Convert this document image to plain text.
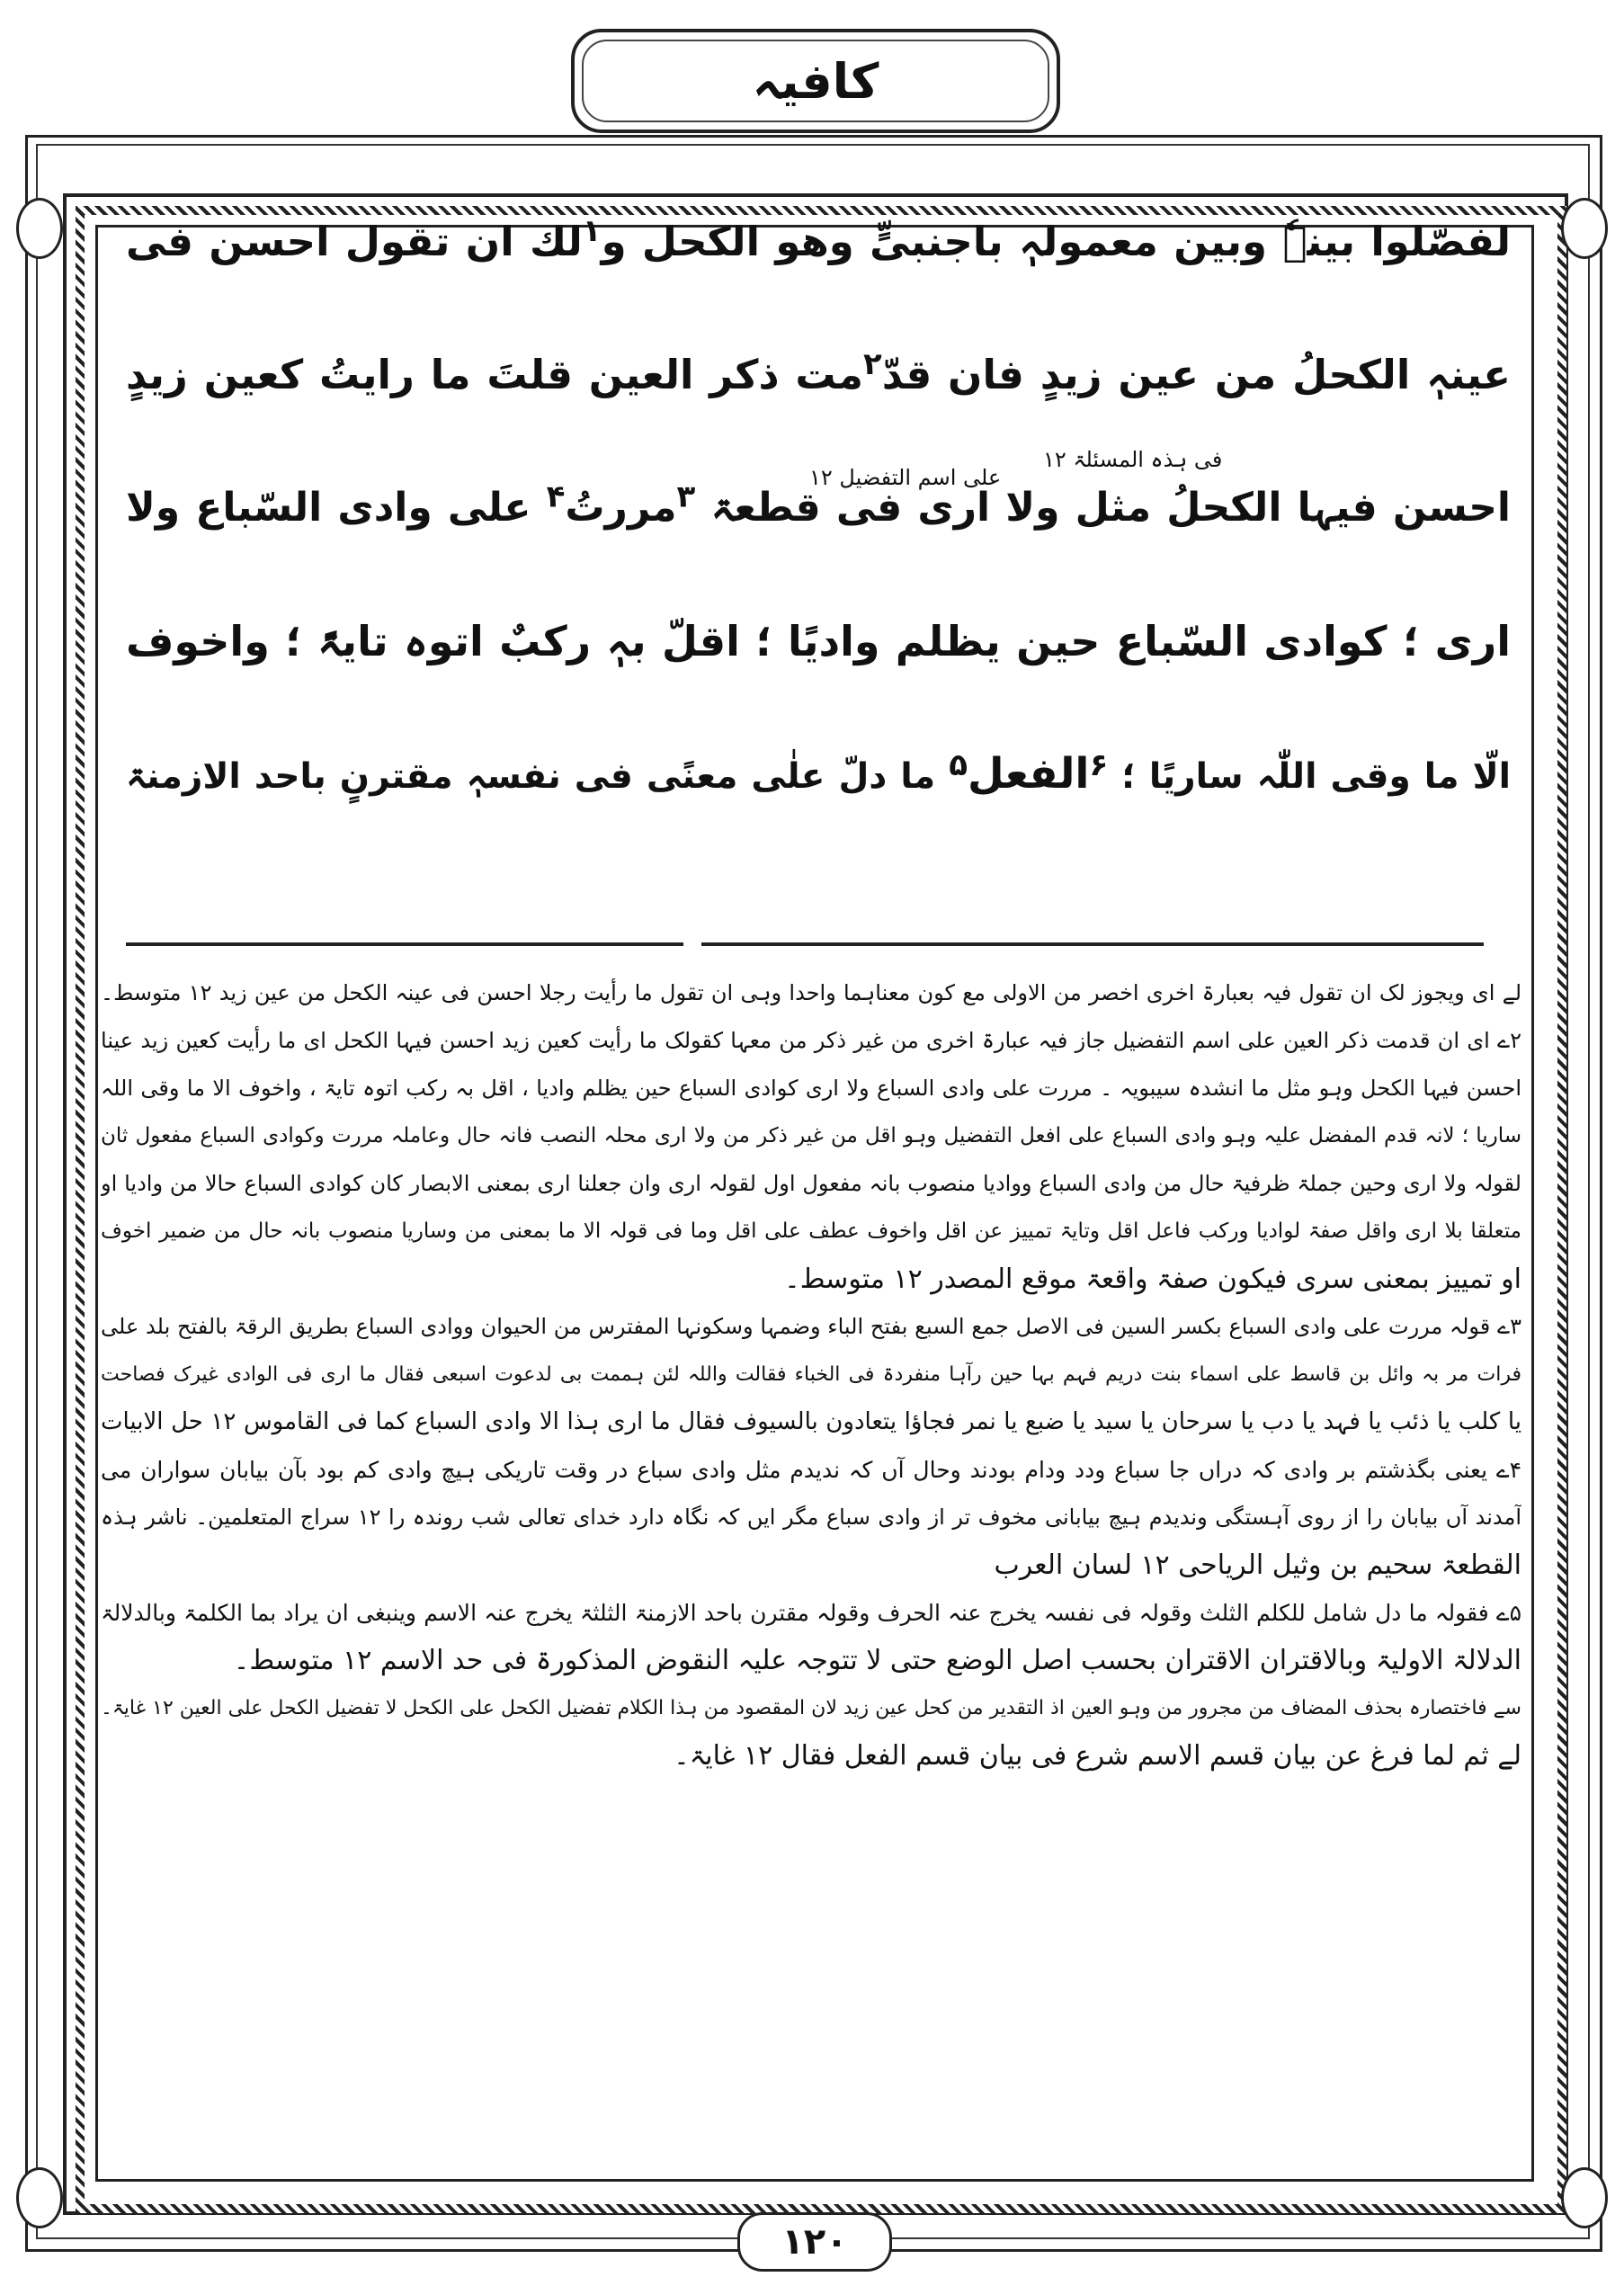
کافیہ
لفصّلوا بینہٗ وبین معمولہٖ باجنبیٍّ وھو الکحل و$^۱$لك ان تقول احسن فی
عینہٖ الکحلُ من عین زیدٍ فان قدّ$^۲$مت ذکر العین قلتَ ما رایتُ کعین زیدٍ
احسن فیہا الکحلُ مثل ولا اری فی قطعۃ $^۳$مررتُ$^۴$ علی وادی السّباع ولا
اری ؛ کوادی السّباع حین یظلم وادیًا ؛ اقلّ بہٖ رکبٌ اتوہ تایۃً ؛ واخوف
الّا ما وقی اللّٰہ ساریًا ؛ $^۶$الفعل$^۵$ ما دلّ علٰی معنًی فی نفسہٖ مقترنٍ باحد الازمنۃ
فی ہذہ المسئلۃ ۱۲
علی اسم التفضیل ۱۲
لے ای ویجوز لک ان تقول فیہ بعبارۃ اخری اخصر من الاولی مع کون معناہما واحدا وہی ان تقول ما رأیت رجلا احسن فی عینہ الکحل من عین زید ۱۲ متوسط۔
۲ے ای ان قدمت ذکر العین علی اسم التفضیل جاز فیہ عبارۃ اخری من غیر ذکر من معہا کقولک ما رأیت کعین زید احسن فیہا الکحل ای ما رأیت کعین زید عینا
احسن فیہا الکحل وہو مثل ما انشدہ سیبویہ ۔ مررت علی وادی السباع ولا اری کوادی السباع حین یظلم وادیا ، اقل بہ رکب اتوہ تایۃ ، واخوف الا ما وقی اللہ
ساریا ؛ لانہ قدم المفضل علیہ وہو وادی السباع علی افعل التفضیل وہو اقل من غیر ذکر من ولا اری محلہ النصب فانہ حال وعاملہ مررت وکوادی السباع مفعول ثان
لقولہ ولا اری وحین جملۃ ظرفیۃ حال من وادی السباع ووادیا منصوب بانہ مفعول اول لقولہ اری وان جعلنا اری بمعنی الابصار کان کوادی السباع حالا من وادیا او
متعلقا بلا اری واقل صفۃ لوادیا ورکب فاعل اقل وتایۃ تمییز عن اقل واخوف عطف علی اقل وما فی قولہ الا ما بمعنی من وساریا منصوب بانہ حال من ضمیر اخوف
او تمییز بمعنی سری فیکون صفۃ واقعۃ موقع المصدر ۱۲ متوسط۔
۳ے قولہ مررت علی وادی السباع بکسر السین فی الاصل جمع السبع بفتح الباء وضمہا وسکونہا المفترس من الحیوان ووادی السباع بطریق الرقۃ بالفتح بلد علی
فرات مر بہ وائل بن قاسط علی اسماء بنت دریم فہم بہا حین رآہا منفردۃ فی الخباء فقالت واللہ لئن ہممت بی لدعوت اسبعی فقال ما اری فی الوادی غیرک فصاحت
یا کلب یا ذئب یا فہد یا دب یا سرحان یا سید یا ضبع یا نمر فجاؤا یتعادون بالسیوف فقال ما اری ہذا الا وادی السباع کما فی القاموس ۱۲ حل الابیات
۴ے یعنی بگذشتم بر وادی کہ دراں جا سباع ودد ودام بودند وحال آں کہ ندیدم مثل وادی سباع در وقت تاریکی ہیچ وادی کم بود بآن بیابان سواران می
آمدند آں بیابان را از روی آہستگی وندیدم ہیچ بیابانی مخوف تر از وادی سباع مگر ایں کہ نگاہ دارد خدای تعالی شب روندہ را ۱۲ سراج المتعلمین۔ ناشر ہذہ
القطعۃ سحیم بن وثیل الریاحی ۱۲ لسان العرب
۵ے فقولہ ما دل شامل للکلم الثلث وقولہ فی نفسہ یخرج عنہ الحرف وقولہ مقترن باحد الازمنۃ الثلثۃ یخرج عنہ الاسم وینبغی ان یراد بما الکلمۃ وبالدلالۃ
الدلالۃ الاولیۃ وبالاقتران الاقتران بحسب اصل الوضع حتی لا تتوجہ علیہ النقوض المذکورۃ فی حد الاسم ۱۲ متوسط۔
سے فاختصارہ بحذف المضاف من مجرور من وہو العین اذ التقدیر من کحل عین زید لان المقصود من ہذا الکلام تفضیل الکحل علی الکحل لا تفضیل الکحل علی العین ۱۲ غایۃ۔
لے ثم لما فرغ عن بیان قسم الاسم شرع فی بیان قسم الفعل فقال ۱۲ غایۃ۔
۱۲۰
